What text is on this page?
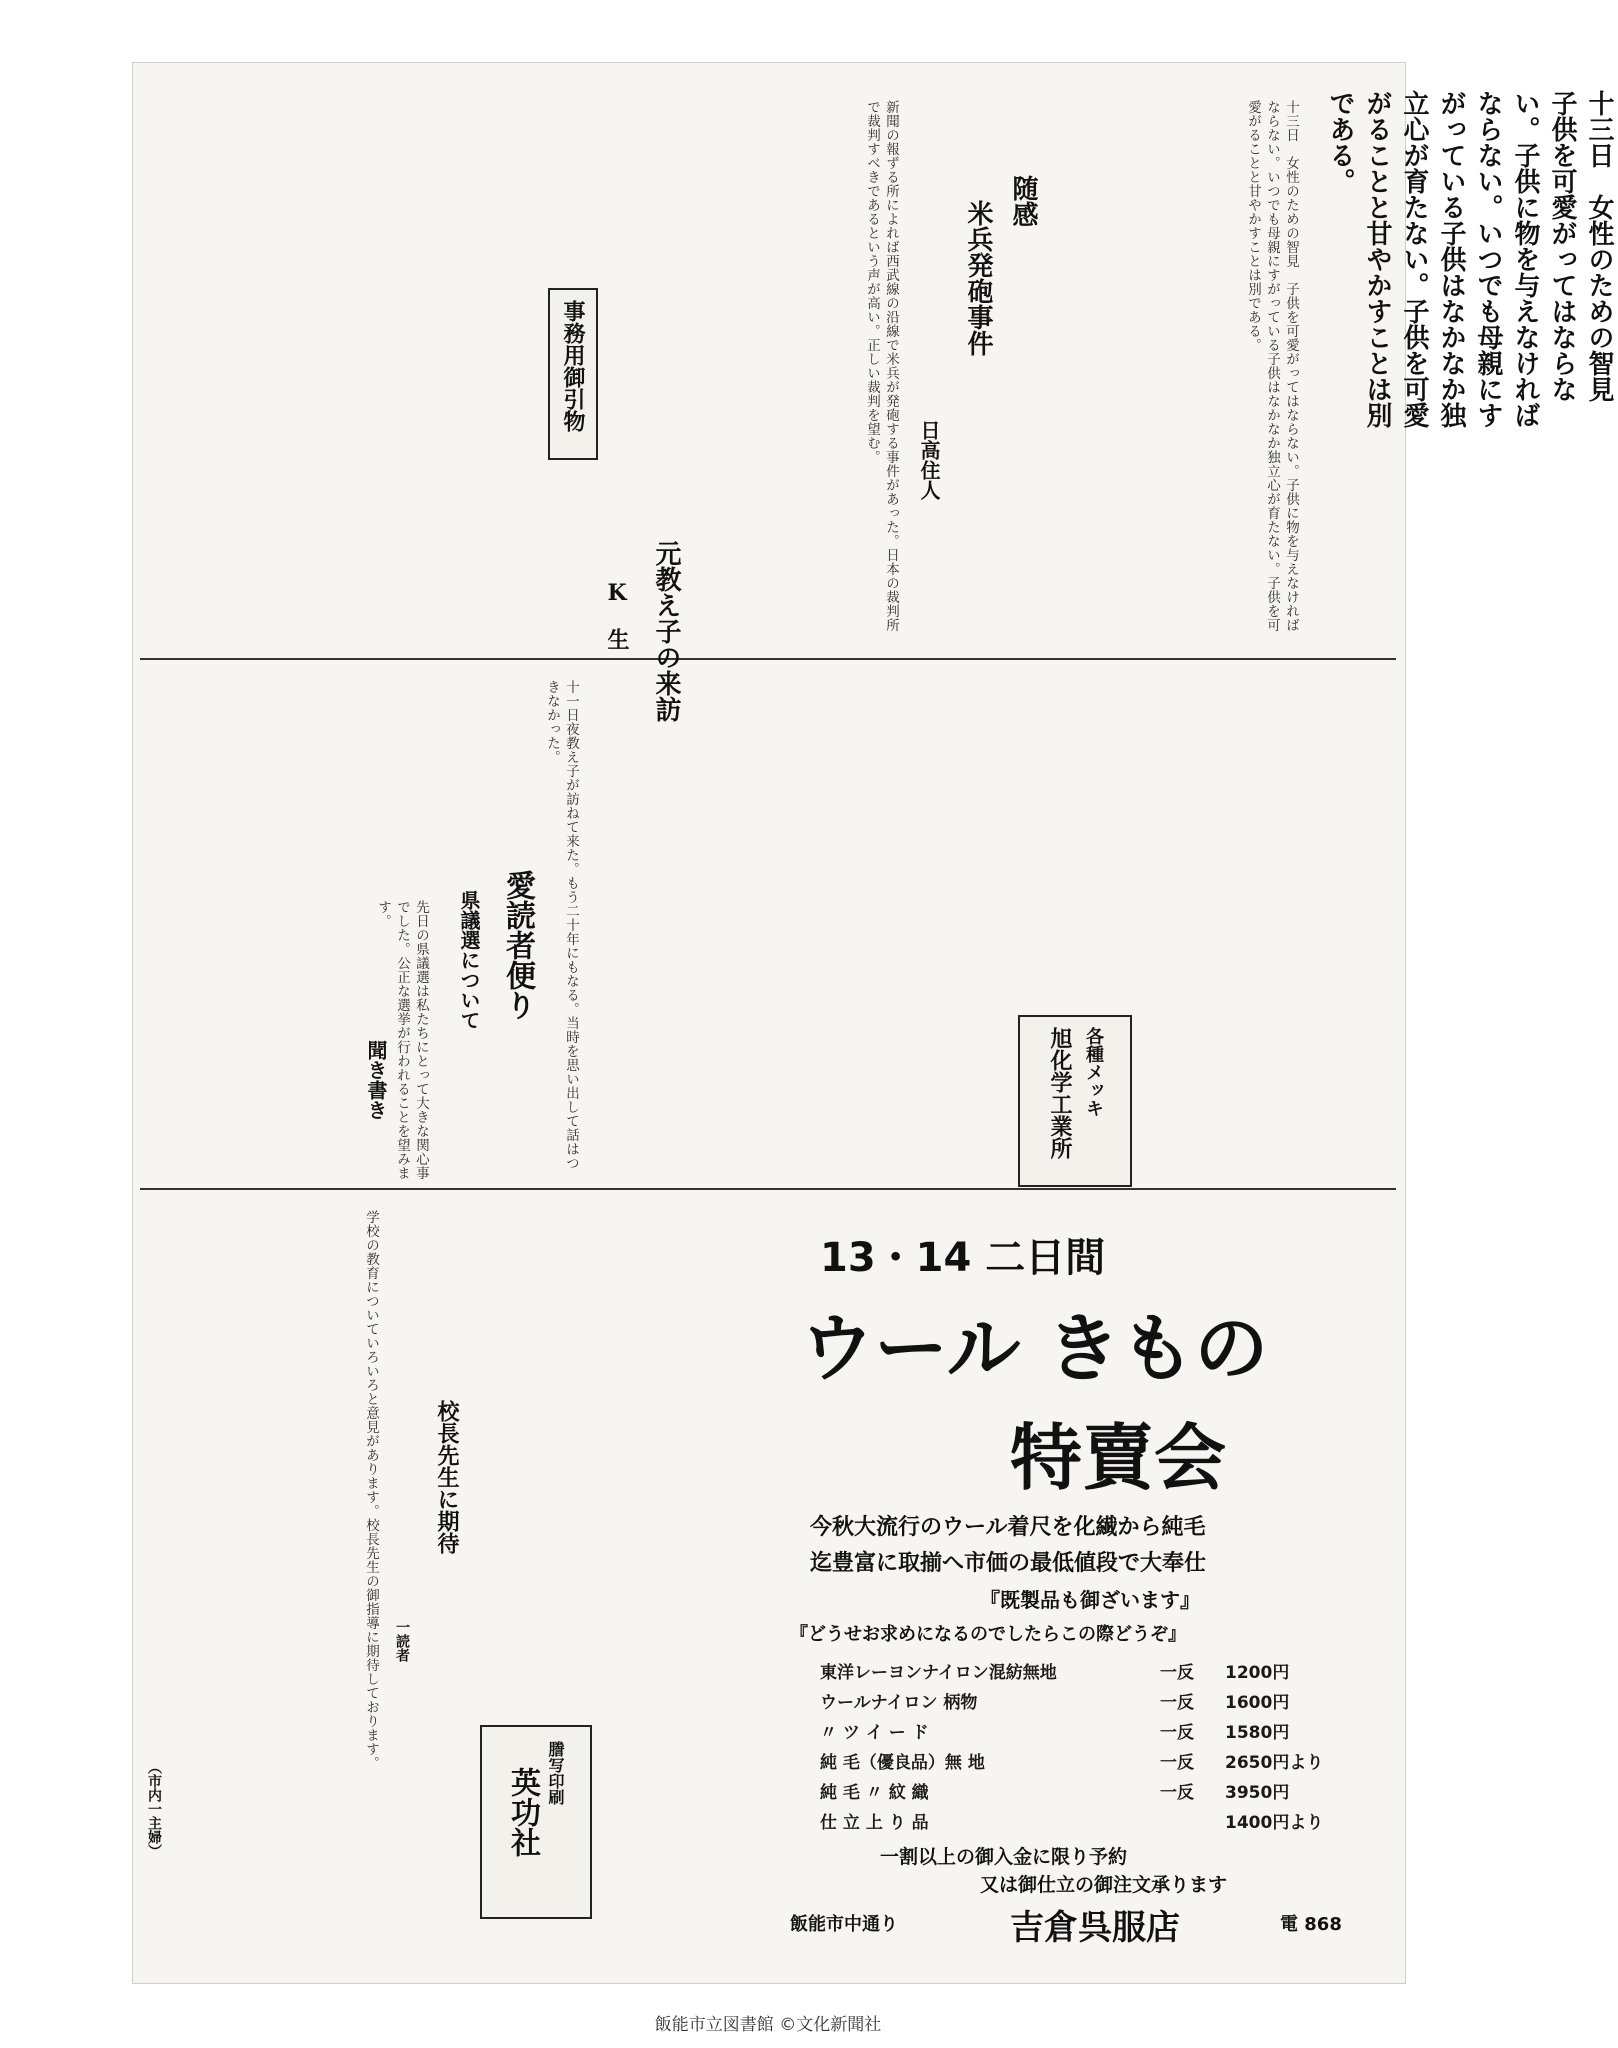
十三日　女性のための智見　子供を可愛がってはならない。子供に物を与えなければならない。いつでも母親にすがっている子供はなかなか独立心が育たない。子供を可愛がることと甘やかすことは別である。
十三日　女性のための智見　子供を可愛がってはならない。子供に物を与えなければならない。いつでも母親にすがっている子供はなかなか独立心が育たない。子供を可愛がることと甘やかすことは別である。
随感
米兵発砲事件
日高住人
新聞の報ずる所によれば西武線の沿線で米兵が発砲する事件があった。日本の裁判所で裁判すべきであるという声が高い。正しい裁判を望む。
事務用御引物
元教え子の来訪
K　生
十一日夜教え子が訪ねて来た。もう二十年にもなる。当時を思い出して話はつきなかった。
愛読者便り
県議選について
先日の県議選は私たちにとって大きな関心事でした。公正な選挙が行われることを望みます。
各種メッキ
旭化学工業所
聞き書き
校長先生に期待
一読者
学校の教育についていろいろと意見があります。校長先生の御指導に期待しております。
（市内一主婦）	謄写印刷
英功社
13・14 二日間
ウール きもの
特賣会
今秋大流行のウール着尺を化繊から純毛
迄豊富に取揃へ市価の最低値段で大奉仕
『既製品も御ざいます』
『どうせお求めになるのでしたらこの際どうぞ』
東洋レーヨンナイロン混紡無地	一反 1200円
ウールナイロン 柄物	一反 1600円
〃 ツ イ ー ド	一反 1580円
純 毛（優良品）無 地	一反 2650円より
純 毛 〃 紋 織	一反 3950円
仕 立 上 り 品	1400円より
一割以上の御入金に限り予約
又は御仕立の御注文承ります
飯能市中通り	吉倉呉服店	電 868
飯能市立図書館 ©文化新聞社
